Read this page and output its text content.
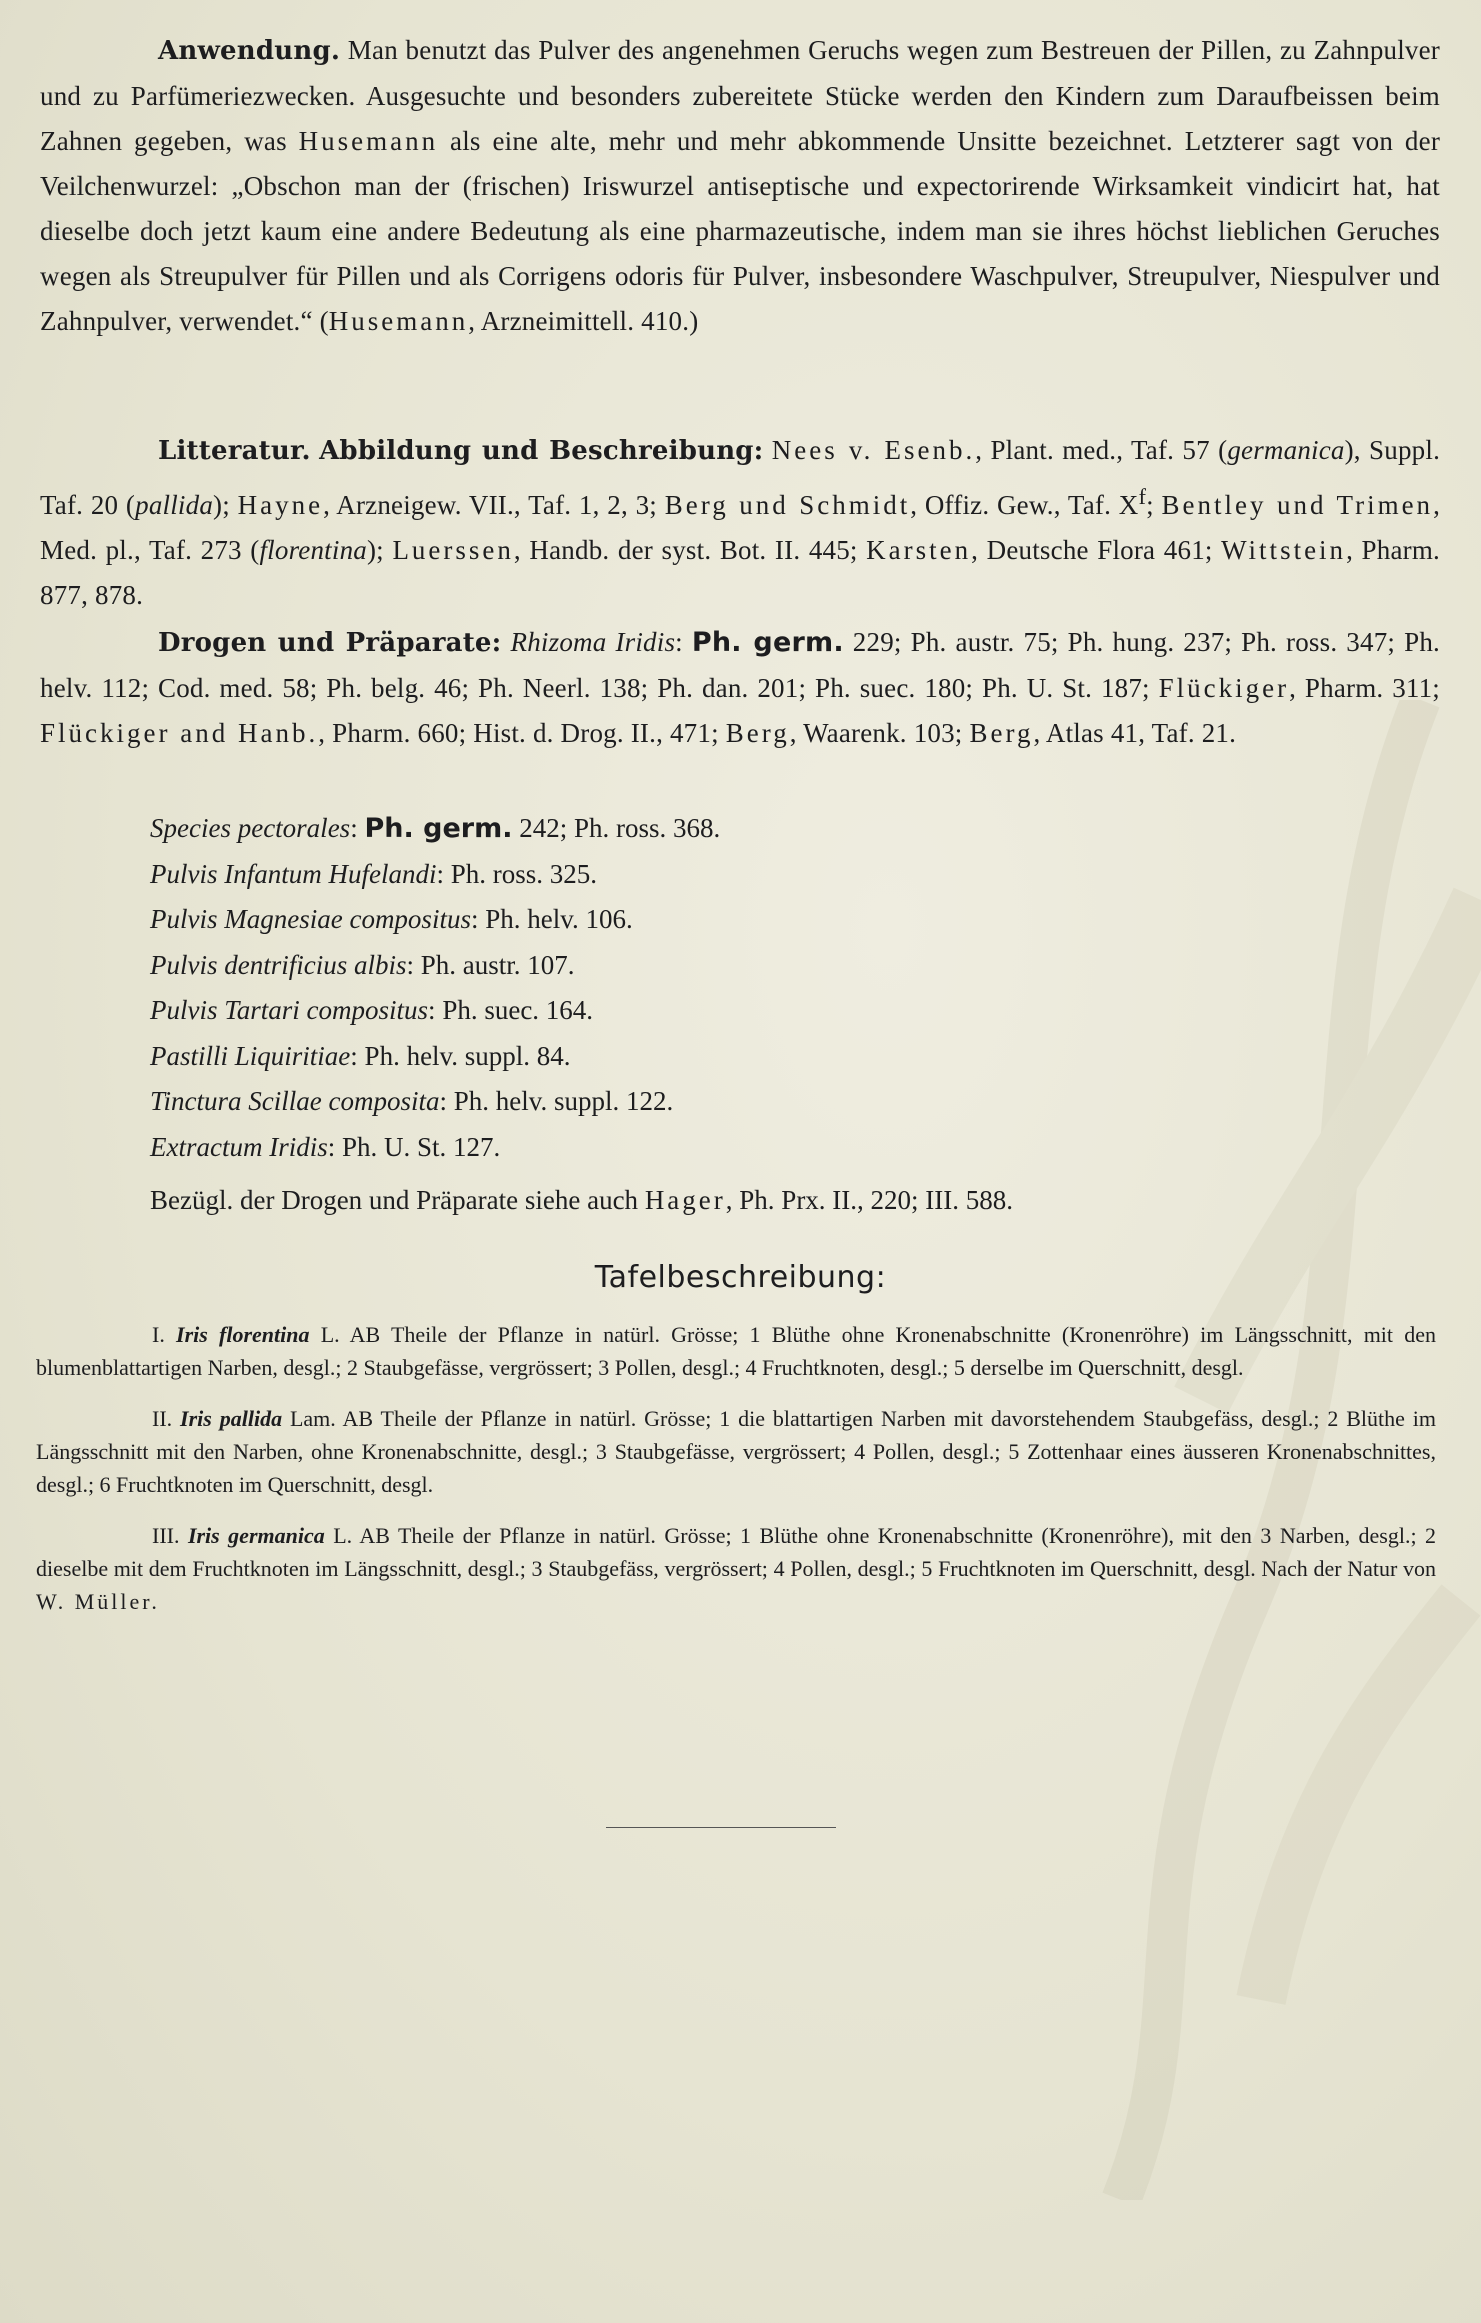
Anwendung. Man benutzt das Pulver des angenehmen Geruchs wegen zum Bestreuen der Pillen, zu Zahnpulver und zu Parfümeriezwecken. Ausgesuchte und besonders zubereitete Stücke werden den Kindern zum Daraufbeissen beim Zahnen gegeben, was Husemann als eine alte, mehr und mehr abkommende Unsitte bezeichnet. Letzterer sagt von der Veilchenwurzel: „Obschon man der (frischen) Iriswurzel antiseptische und expectorirende Wirksamkeit vindicirt hat, hat dieselbe doch jetzt kaum eine andere Bedeutung als eine pharmazeutische, indem man sie ihres höchst lieblichen Geruches wegen als Streupulver für Pillen und als Corrigens odoris für Pulver, insbesondere Waschpulver, Streupulver, Niespulver und Zahnpulver, verwendet.“ (Husemann, Arzneimittell. 410.)
Litteratur. Abbildung und Beschreibung: Nees v. Esenb., Plant. med., Taf. 57 (germanica), Suppl. Taf. 20 (pallida); Hayne, Arzneigew. VII., Taf. 1, 2, 3; Berg und Schmidt, Offiz. Gew., Taf. $X^f$; Bentley und Trimen, Med. pl., Taf. 273 (florentina); Luerssen, Handb. der syst. Bot. II. 445; Karsten, Deutsche Flora 461; Wittstein, Pharm. 877, 878.
Drogen und Präparate: Rhizoma Iridis: Ph. germ. 229; Ph. austr. 75; Ph. hung. 237; Ph. ross. 347; Ph. helv. 112; Cod. med. 58; Ph. belg. 46; Ph. Neerl. 138; Ph. dan. 201; Ph. suec. 180; Ph. U. St. 187; Flückiger, Pharm. 311; Flückiger and Hanb., Pharm. 660; Hist. d. Drog. II., 471; Berg, Waarenk. 103; Berg, Atlas 41, Taf. 21.
Species pectorales: Ph. germ. 242; Ph. ross. 368.
Pulvis Infantum Hufelandi: Ph. ross. 325.
Pulvis Magnesiae compositus: Ph. helv. 106.
Pulvis dentrificius albis: Ph. austr. 107.
Pulvis Tartari compositus: Ph. suec. 164.
Pastilli Liquiritiae: Ph. helv. suppl. 84.
Tinctura Scillae composita: Ph. helv. suppl. 122.
Extractum Iridis: Ph. U. St. 127.
Bezügl. der Drogen und Präparate siehe auch Hager, Ph. Prx. II., 220; III. 588.
Tafelbeschreibung:

I. Iris florentina L. AB Theile der Pflanze in natürl. Grösse; 1 Blüthe ohne Kronenabschnitte (Kronenröhre) im Längsschnitt, mit den blumenblattartigen Narben, desgl.; 2 Staubgefässe, vergrössert; 3 Pollen, desgl.; 4 Fruchtknoten, desgl.; 5 derselbe im Querschnitt, desgl.

II. Iris pallida Lam. AB Theile der Pflanze in natürl. Grösse; 1 die blattartigen Narben mit davorstehendem Staubgefäss, desgl.; 2 Blüthe im Längsschnitt mit den Narben, ohne Kronenabschnitte, desgl.; 3 Staubgefässe, vergrössert; 4 Pollen, desgl.; 5 Zottenhaar eines äusseren Kronenabschnittes, desgl.; 6 Fruchtknoten im Querschnitt, desgl.

III. Iris germanica L. AB Theile der Pflanze in natürl. Grösse; 1 Blüthe ohne Kronenabschnitte (Kronenröhre), mit den 3 Narben, desgl.; 2 dieselbe mit dem Fruchtknoten im Längsschnitt, desgl.; 3 Staubgefäss, vergrössert; 4 Pollen, desgl.; 5 Fruchtknoten im Querschnitt, desgl. Nach der Natur von W. Müller.
